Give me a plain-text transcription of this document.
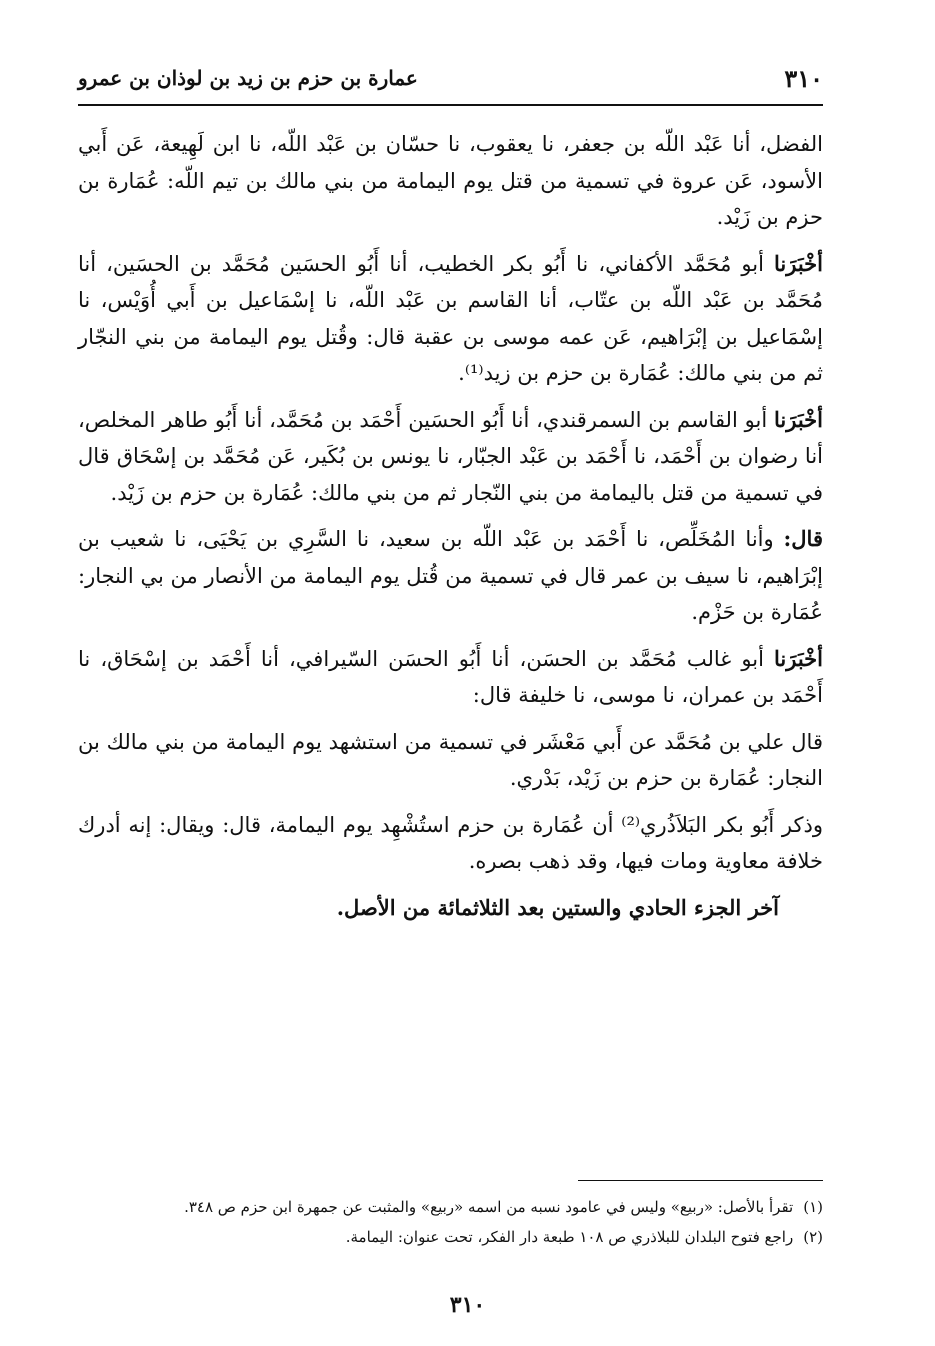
٣١٠
عمارة بن حزم بن زيد بن لوذان بن عمرو

الفضل، أنا عَبْد اللّه بن جعفر، نا يعقوب، نا حسّان بن عَبْد اللّه، نا ابن لَهِيعة، عَن أَبي الأسود، عَن عروة في تسمية من قتل يوم اليمامة من بني مالك بن تيم اللّه: عُمَارة بن حزم بن زَيْد.

أخْبَرَنا أبو مُحَمَّد الأكفاني، نا أَبُو بكر الخطيب، أنا أَبُو الحسَين مُحَمَّد بن الحسَين، أنا مُحَمَّد بن عَبْد اللّه بن عتّاب، أنا القاسم بن عَبْد اللّه، نا إسْمَاعيل بن أَبي أُوَيْس، نا إسْمَاعيل بن إبْرَاهيم، عَن عمه موسى بن عقبة قال: وقُتل يوم اليمامة من بني النجّار ثم من بني مالك: عُمَارة بن حزم بن زيد⁽¹⁾.

أخْبَرَنا أبو القاسم بن السمرقندي، أنا أَبُو الحسَين أَحْمَد بن مُحَمَّد، أنا أَبُو طاهر المخلص، أنا رضوان بن أَحْمَد، نا أَحْمَد بن عَبْد الجبّار، نا يونس بن بُكَير، عَن مُحَمَّد بن إسْحَاق قال في تسمية من قتل باليمامة من بني النّجار ثم من بني مالك: عُمَارة بن حزم بن زَيْد.

قال: وأنا المُخَلِّص، نا أَحْمَد بن عَبْد اللّه بن سعيد، نا السَّرِي بن يَحْيَى، نا شعيب بن إبْرَاهيم، نا سيف بن عمر قال في تسمية من قُتل يوم اليمامة من الأنصار من بي النجار: عُمَارة بن حَزْم.

أخْبَرَنا أبو غالب مُحَمَّد بن الحسَن، أنا أَبُو الحسَن السّيرافي، أنا أَحْمَد بن إسْحَاق، نا أَحْمَد بن عمران، نا موسى، نا خليفة قال:

قال علي بن مُحَمَّد عن أَبي مَعْشَر في تسمية من استشهد يوم اليمامة من بني مالك بن النجار: عُمَارة بن حزم بن زَيْد، بَدْري.

وذكر أَبُو بكر البَلاَذُري⁽²⁾ أن عُمَارة بن حزم استُشْهِد يوم اليمامة، قال: ويقال: إنه أدرك خلافة معاوية ومات فيها، وقد ذهب بصره.

آخر الجزء الحادي والستين بعد الثلاثمائة من الأصل.

(١)
تقرأ بالأصل: «ربيع» وليس في عامود نسبه من اسمه «ربيع» والمثبت عن جمهرة ابن حزم ص ٣٤٨.
(٢)
راجع فتوح البلدان للبلاذري ص ١٠٨ طبعة دار الفكر، تحت عنوان: اليمامة.
٣١٠
